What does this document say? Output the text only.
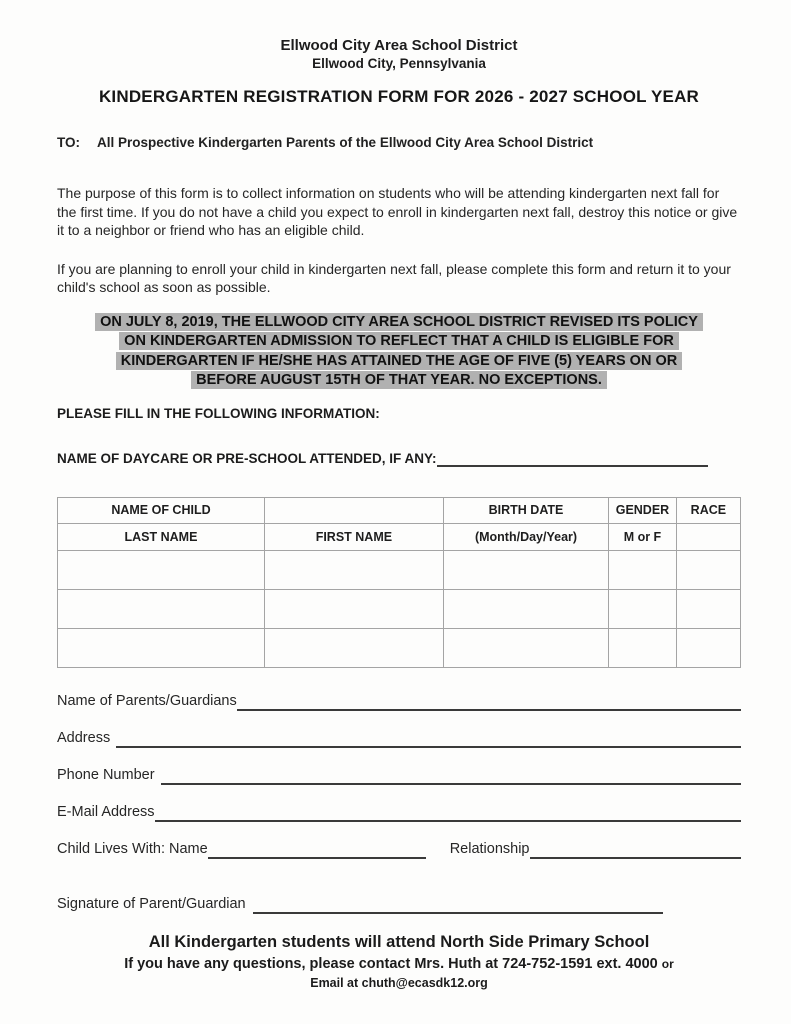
Ellwood City Area School District
Ellwood City, Pennsylvania
KINDERGARTEN REGISTRATION FORM FOR 2026 - 2027 SCHOOL YEAR
TO:	All Prospective Kindergarten Parents of the Ellwood City Area School District
The purpose of this form is to collect information on students who will be attending kindergarten next fall for the first time. If you do not have a child you expect to enroll in kindergarten next fall, destroy this notice or give it to a neighbor or friend who has an eligible child.
If you are planning to enroll your child in kindergarten next fall, please complete this form and return it to your child's school as soon as possible.
ON JULY 8, 2019, THE ELLWOOD CITY AREA SCHOOL DISTRICT REVISED ITS POLICY
ON KINDERGARTEN ADMISSION TO REFLECT THAT A CHILD IS ELIGIBLE FOR
KINDERGARTEN IF HE/SHE HAS ATTAINED THE AGE OF FIVE (5) YEARS ON OR
BEFORE AUGUST 15TH OF THAT YEAR. NO EXCEPTIONS.
PLEASE FILL IN THE FOLLOWING INFORMATION:
NAME OF DAYCARE OR PRE-SCHOOL ATTENDED, IF ANY:
NAME OF CHILD		BIRTH DATE	GENDER	RACE
LAST NAME	FIRST NAME	(Month/Day/Year)	M or F	

Name of Parents/Guardians
Address
Phone Number
E-Mail Address
Child Lives With: Name	Relationship
Signature of Parent/Guardian
All Kindergarten students will attend North Side Primary School
If you have any questions, please contact Mrs. Huth at 724-752-1591 ext. 4000 or
Email at chuth@ecasdk12.org
